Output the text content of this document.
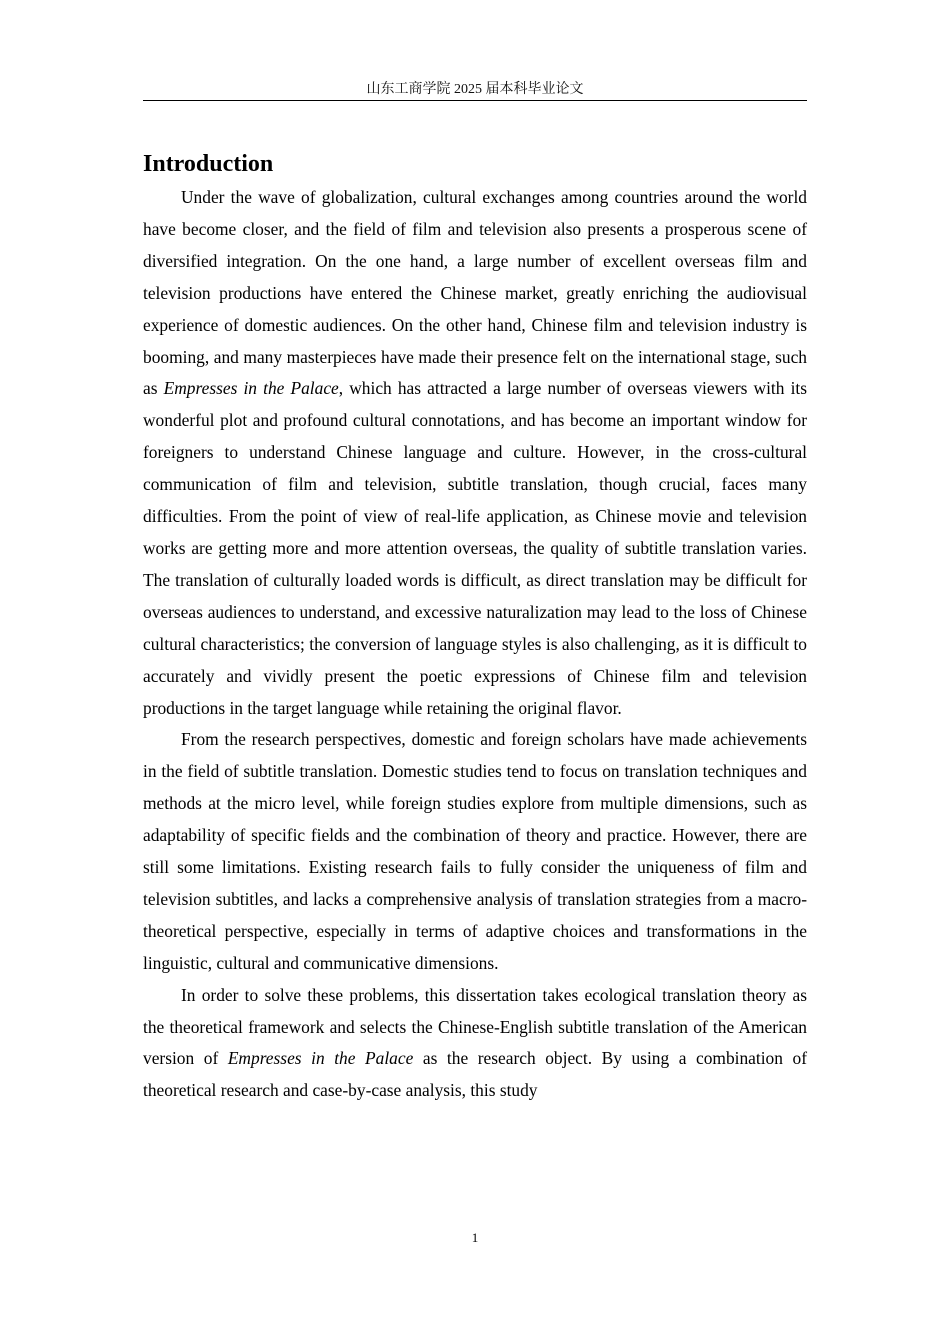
山东工商学院 2025 届本科毕业论文
Introduction

Under the wave of globalization, cultural exchanges among countries around the world have become closer, and the field of film and television also presents a prosperous scene of diversified integration. On the one hand, a large number of excellent overseas film and television productions have entered the Chinese market, greatly enriching the audiovisual experience of domestic audiences. On the other hand, Chinese film and television industry is booming, and many masterpieces have made their presence felt on the international stage, such as Empresses in the Palace, which has attracted a large number of overseas viewers with its wonderful plot and profound cultural connotations, and has become an important window for foreigners to understand Chinese language and culture. However, in the cross-cultural communication of film and television, subtitle translation, though crucial, faces many difficulties. From the point of view of real-life application, as Chinese movie and television works are getting more and more attention overseas, the quality of subtitle translation varies. The translation of culturally loaded words is difficult, as direct translation may be difficult for overseas audiences to understand, and excessive naturalization may lead to the loss of Chinese cultural characteristics; the conversion of language styles is also challenging, as it is difficult to accurately and vividly present the poetic expressions of Chinese film and television productions in the target language while retaining the original flavor.

From the research perspectives, domestic and foreign scholars have made achievements in the field of subtitle translation. Domestic studies tend to focus on translation techniques and methods at the micro level, while foreign studies explore from multiple dimensions, such as adaptability of specific fields and the combination of theory and practice. However, there are still some limitations. Existing research fails to fully consider the uniqueness of film and television subtitles, and lacks a comprehensive analysis of translation strategies from a macro-theoretical perspective, especially in terms of adaptive choices and transformations in the linguistic, cultural and communicative dimensions.

In order to solve these problems, this dissertation takes ecological translation theory as the theoretical framework and selects the Chinese-English subtitle translation of the American version of Empresses in the Palace as the research object. By using a combination of theoretical research and case-by-case analysis, this study

1
